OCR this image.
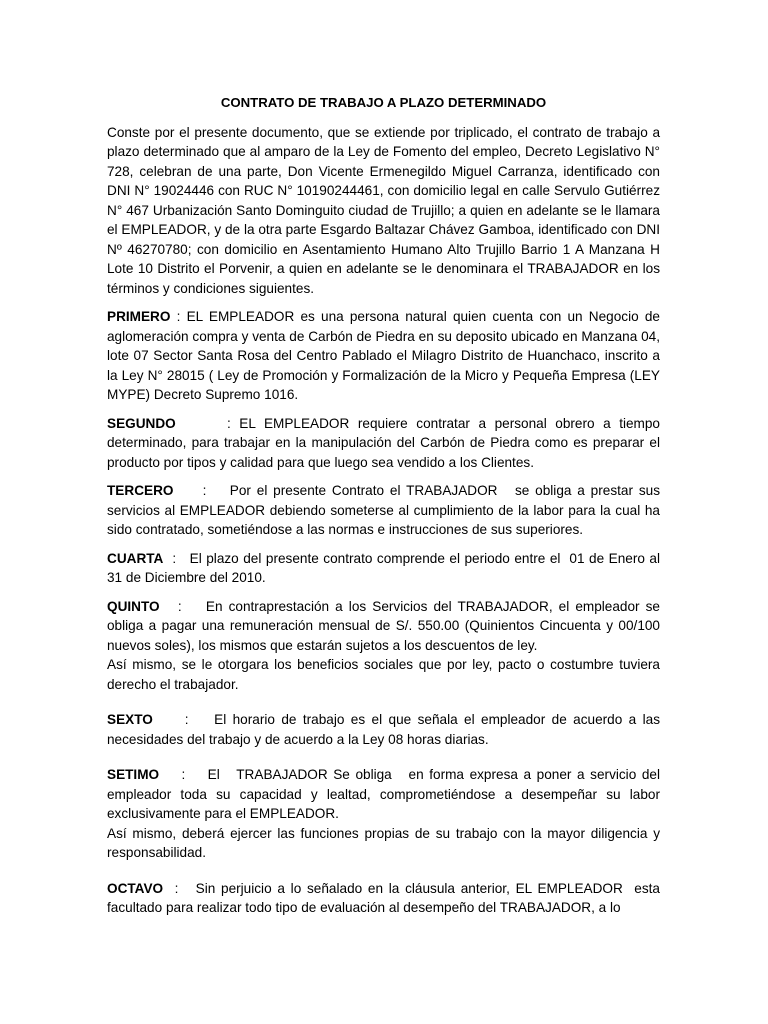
CONTRATO DE TRABAJO A PLAZO DETERMINADO

Conste por el presente documento, que se extiende por triplicado, el contrato de trabajo a plazo determinado que al amparo de la Ley de Fomento del empleo, Decreto Legislativo N° 728, celebran de una parte, Don Vicente Ermenegildo Miguel Carranza, identificado con DNI N° 19024446 con RUC N° 10190244461, con domicilio legal en calle Servulo Gutiérrez N° 467 Urbanización Santo Dominguito ciudad de Trujillo; a quien en adelante se le llamara el EMPLEADOR, y de la otra parte Esgardo Baltazar Chávez Gamboa, identificado con DNI Nº 46270780; con domicilio en Asentamiento Humano Alto Trujillo Barrio 1 A Manzana H Lote 10 Distrito el Porvenir, a quien en adelante se le denominara el TRABAJADOR en los términos y condiciones siguientes.

PRIMERO : EL EMPLEADOR es una persona natural quien cuenta con un Negocio de aglomeración compra y venta de Carbón de Piedra en su deposito ubicado en Manzana 04, lote 07 Sector Santa Rosa del Centro Pablado el Milagro Distrito de Huanchaco, inscrito a la Ley N° 28015 ( Ley de Promoción y Formalización de la Micro y Pequeña Empresa (LEY MYPE) Decreto Supremo 1016.

SEGUNDO      : EL EMPLEADOR requiere contratar a personal obrero a tiempo determinado, para trabajar en la manipulación del Carbón de Piedra como es preparar el producto por tipos y calidad para que luego sea vendido a los Clientes.

TERCERO     :    Por el presente Contrato el TRABAJADOR   se obliga a prestar sus servicios al EMPLEADOR debiendo someterse al cumplimiento de la labor para la cual ha sido contratado, sometiéndose a las normas e instrucciones de sus superiores.

CUARTA  :   El plazo del presente contrato comprende el periodo entre el  01 de Enero al 31 de Diciembre del 2010.

QUINTO   :    En contraprestación a los Servicios del TRABAJADOR, el empleador se obliga a pagar una remuneración mensual de S/. 550.00 (Quinientos Cincuenta y 00/100 nuevos soles), los mismos que estarán sujetos a los descuentos de ley.

Así mismo, se le otorgara los beneficios sociales que por ley, pacto o costumbre tuviera derecho el trabajador.

SEXTO     :    El horario de trabajo es el que señala el empleador de acuerdo a las necesidades del trabajo y de acuerdo a la Ley 08 horas diarias.

SETIMO    :    El   TRABAJADOR Se obliga   en forma expresa a poner a servicio del empleador toda su capacidad y lealtad, comprometiéndose a desempeñar su labor exclusivamente para el EMPLEADOR.

Así mismo, deberá ejercer las funciones propias de su trabajo con la mayor diligencia y responsabilidad.

OCTAVO  :   Sin perjuicio a lo señalado en la cláusula anterior, EL EMPLEADOR  esta facultado para realizar todo tipo de evaluación al desempeño del TRABAJADOR, a lo
